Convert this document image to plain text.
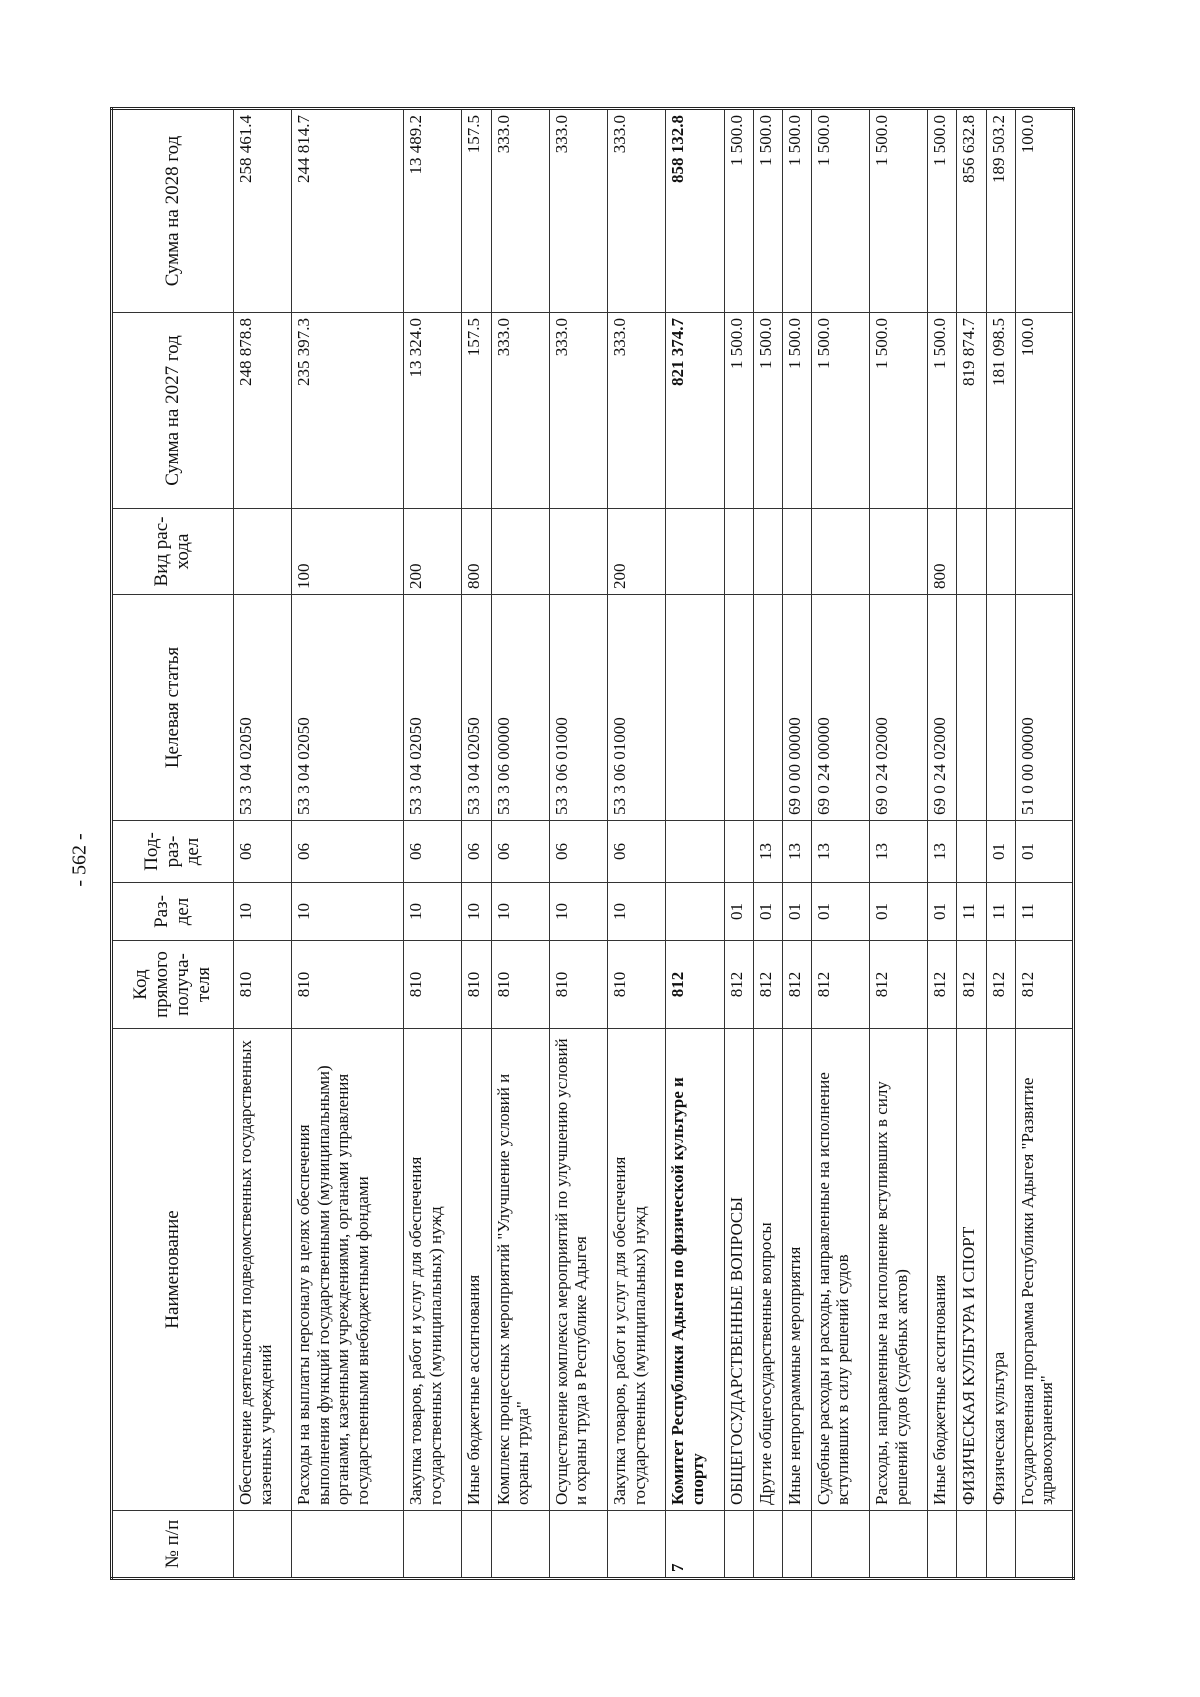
- 562 -
№ п/п	Наименование	Код прямого получа-теля	Раз-дел	Под-раз-дел	Целевая статья	Вид рас-хода	Сумма на 2027 год	Сумма на 2028 год
	Обеспечение деятельности подведомственных государственных казенных учреждений	810	10	06	53 3 04 02050		248 878.8	258 461.4
	Расходы на выплаты персоналу в целях обеспечения выполнения функций государственными (муниципальными) органами, казенными учреждениями, органами управления государственными внебюджетными фондами	810	10	06	53 3 04 02050	100	235 397.3	244 814.7
	Закупка товаров, работ и услуг для обеспечения государственных (муниципальных) нужд	810	10	06	53 3 04 02050	200	13 324.0	13 489.2
	Иные бюджетные ассигнования	810	10	06	53 3 04 02050	800	157.5	157.5
	Комплекс процессных мероприятий "Улучшение условий и охраны труда"	810	10	06	53 3 06 00000		333.0	333.0
	Осуществление комплекса мероприятий по улучшению условий и охраны труда в Республике Адыгея	810	10	06	53 3 06 01000		333.0	333.0
	Закупка товаров, работ и услуг для обеспечения государственных (муниципальных) нужд	810	10	06	53 3 06 01000	200	333.0	333.0
7	Комитет Республики Адыгея по физической культуре и спорту	812					821 374.7	858 132.8
	ОБЩЕГОСУДАРСТВЕННЫЕ ВОПРОСЫ	812	01				1 500.0	1 500.0
	Другие общегосударственные вопросы	812	01	13			1 500.0	1 500.0
	Иные непрограммные мероприятия	812	01	13	69 0 00 00000		1 500.0	1 500.0
	Судебные расходы и расходы, направленные на исполнение вступивших в силу решений судов	812	01	13	69 0 24 00000		1 500.0	1 500.0
	Расходы, направленные на исполнение вступивших в силу решений судов (судебных актов)	812	01	13	69 0 24 02000		1 500.0	1 500.0
	Иные бюджетные ассигнования	812	01	13	69 0 24 02000	800	1 500.0	1 500.0
	ФИЗИЧЕСКАЯ КУЛЬТУРА И СПОРТ	812	11				819 874.7	856 632.8
	Физическая культура	812	11	01			181 098.5	189 503.2
	Государственная программа Республики Адыгея "Развитие здравоохранения"	812	11	01	51 0 00 00000		100.0	100.0
